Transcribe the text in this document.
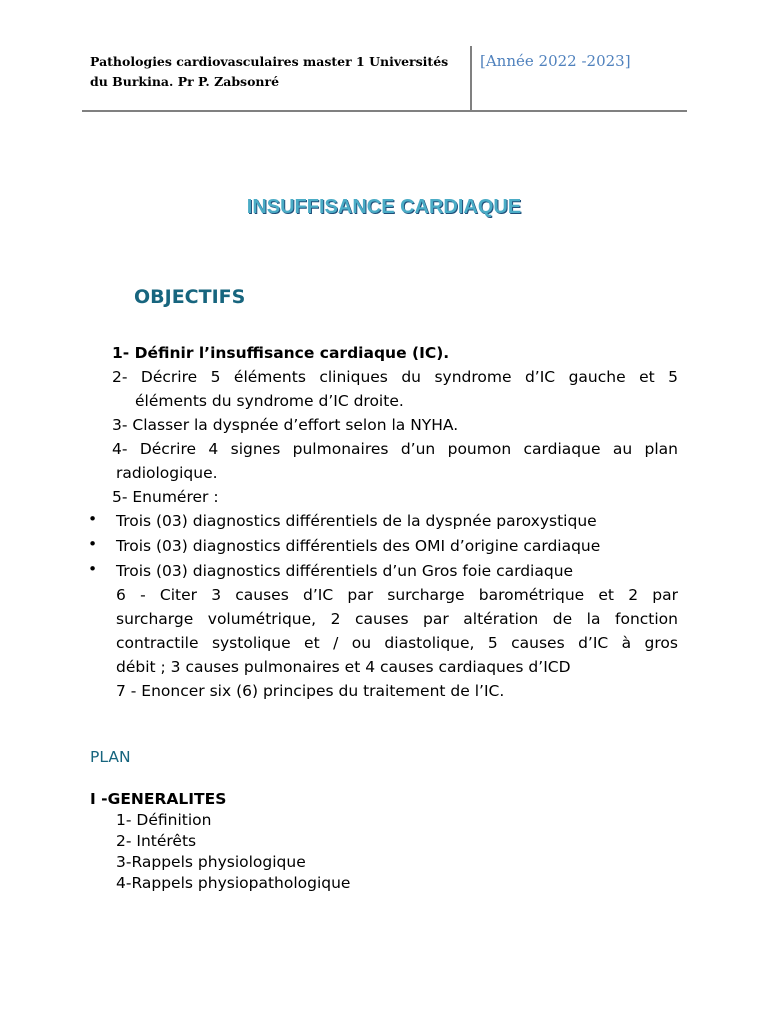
Pathologies cardiovasculaires master 1 Universités
du Burkina. Pr P. Zabsonré
[Année 2022 -2023]
INSUFFISANCE CARDIAQUE
OBJECTIFS
1- Définir l’insuffisance cardiaque (IC).
2- Décrire 5 éléments cliniques du syndrome d’IC gauche et 5
éléments du syndrome d’IC droite.
3- Classer la dyspnée d’effort selon la NYHA.
4- Décrire 4 signes pulmonaires d’un poumon cardiaque au plan
radiologique.
5- Enumérer :
• Trois (03) diagnostics différentiels de la dyspnée paroxystique
• Trois (03) diagnostics différentiels des OMI d’origine cardiaque
• Trois (03) diagnostics différentiels d’un Gros foie cardiaque
6 - Citer 3 causes d’IC par surcharge barométrique et 2 par
surcharge volumétrique, 2 causes par altération de la fonction
contractile systolique et / ou diastolique, 5 causes d’IC à gros
débit ; 3 causes pulmonaires et 4 causes cardiaques d’ICD
7 - Enoncer six (6) principes du traitement de l’IC.
PLAN
I -GENERALITES
1- Définition
2- Intérêts
3-Rappels physiologique
4-Rappels physiopathologique
